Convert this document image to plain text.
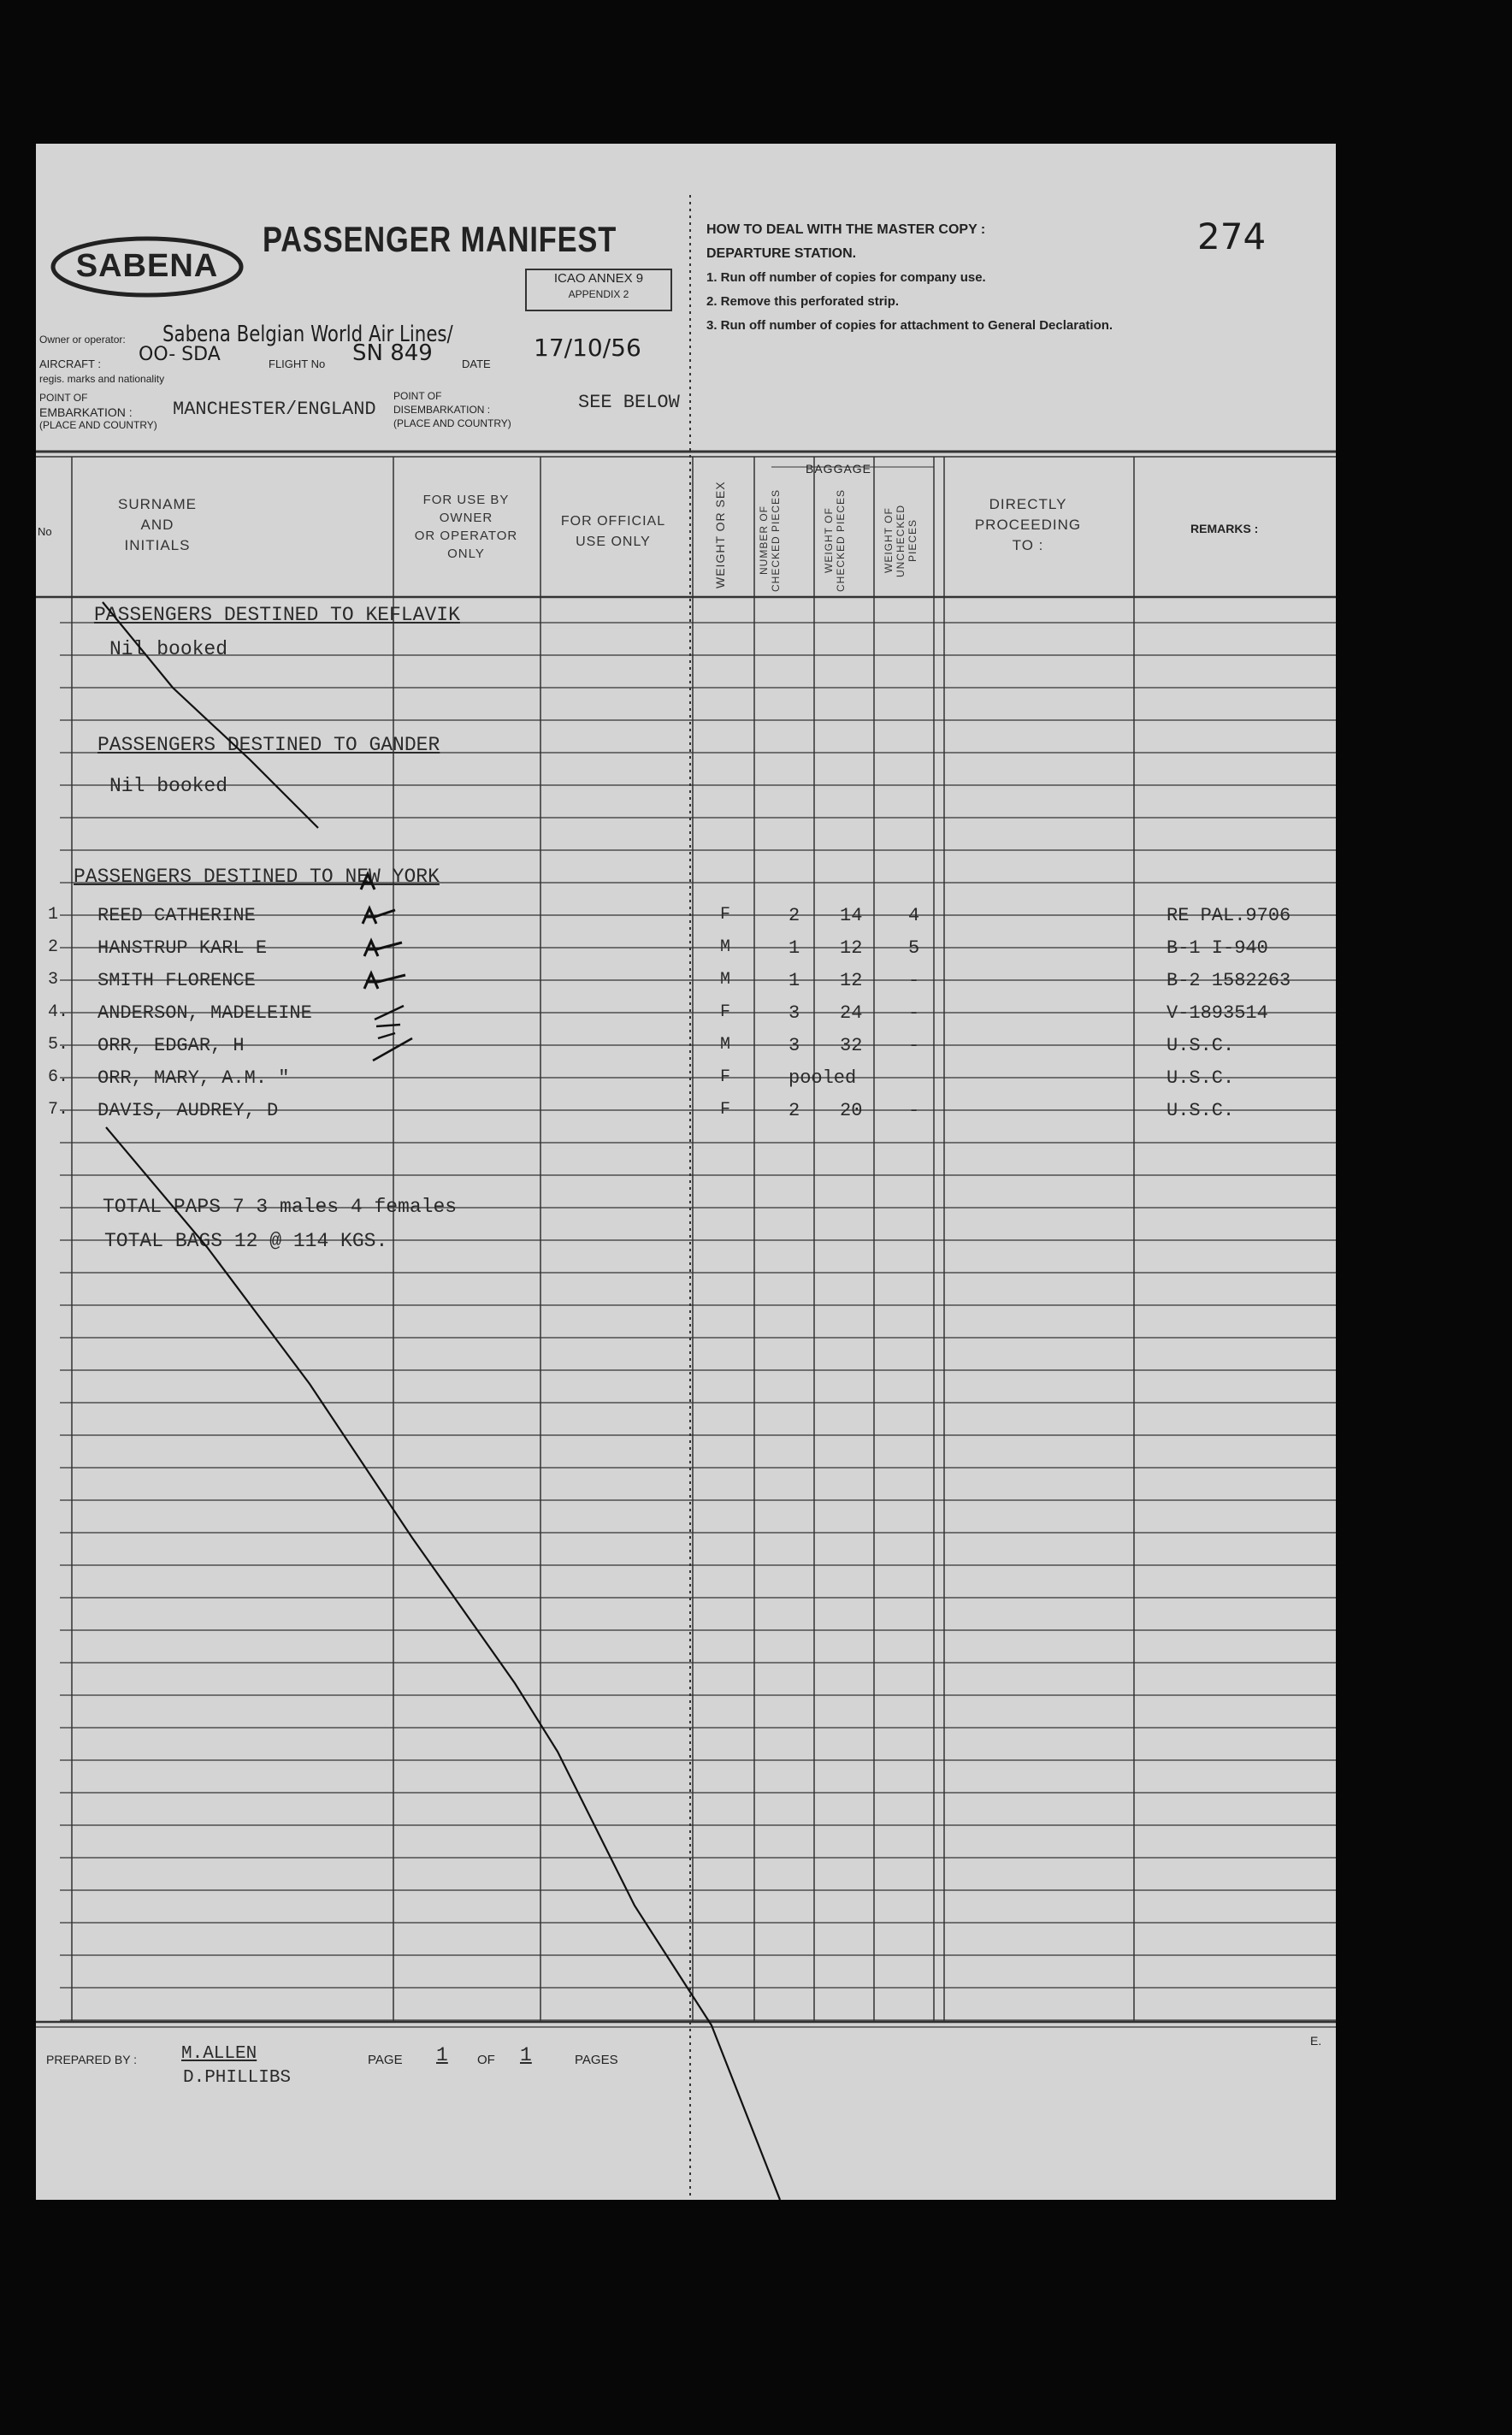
SABENA
PASSENGER MANIFEST
ICAO ANNEX 9
APPENDIX 2
274
HOW TO DEAL WITH THE MASTER COPY :
DEPARTURE STATION.
1. Run off number of copies for company use.
2. Remove this perforated strip.
3. Run off number of copies for attachment to General Declaration.
Owner or operator: Sabena Belgian World Air Lines/
AIRCRAFT :
regis. marks and nationality
OO- SDA	FLIGHT No SN 849	DATE
17/10/56
POINT OF
EMBARKATION :
(PLACE AND COUNTRY)
MANCHESTER/ENGLAND
POINT OF
DISEMBARKATION :
(PLACE AND COUNTRY)
SEE BELOW
No
SURNAME
AND
INITIALS
FOR USE BY
OWNER
OR OPERATOR
ONLY
FOR OFFICIAL
USE ONLY	WEIGHT OR SEX
BAGGAGE
NUMBER OF CHECKED PIECES	WEIGHT OF CHECKED PIECES	WEIGHT OF UNCHECKED PIECES
DIRECTLY
PROCEEDING
TO :
REMARKS :
PASSENGERS DESTINED TO KEFLAVIK
Nil booked
PASSENGERS DESTINED TO GANDER
Nil booked
PASSENGERS DESTINED TO NEW YORK
1 REED CATHERINE	F	2 14 4	RE PAL.9706
2 HANSTRUP KARL E	M	1 12 5	B-1 I-940
3 SMITH FLORENCE	M	1 12 -	B-2 1582263
4. ANDERSON, MADELEINE	F	3 24 -	V-1893514
5. ORR, EDGAR, H	M	3 32 -	U.S.C.
6. ORR, MARY, A.M. "	F	pooled	U.S.C.
7. DAVIS, AUDREY, D	F	2 20 -	U.S.C.
TOTAL PAPS 7 3 males 4 females
TOTAL BAGS 12 @ 114 KGS.
PREPARED BY : M.ALLEN
D.PHILLIBS
PAGE 1 OF 1	PAGES
E.
